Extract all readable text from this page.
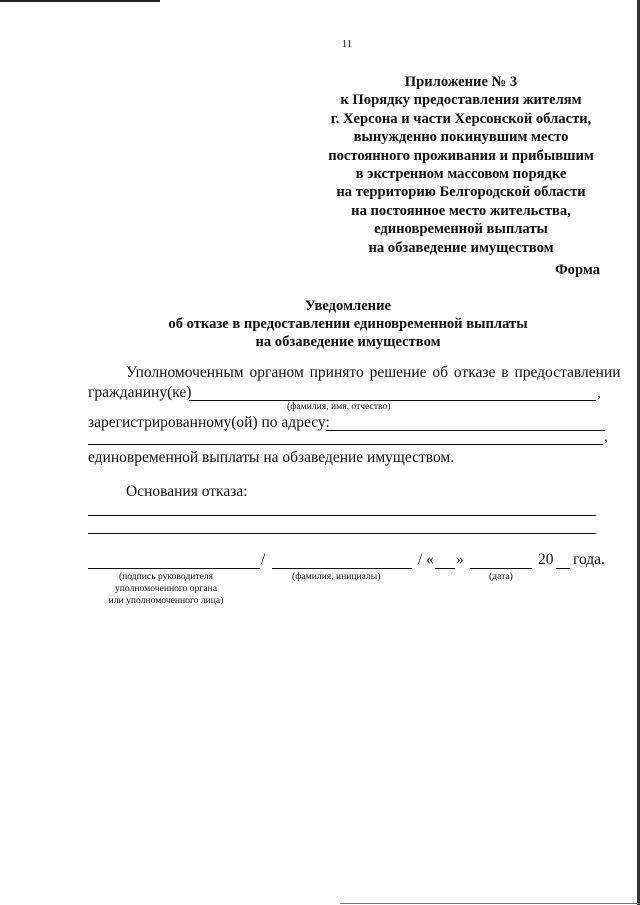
11
Приложение № 3
к Порядку предоставления жителям
г. Херсона и части Херсонской области,
вынужденно покинувшим место
постоянного проживания и прибывшим
в экстренном массовом порядке
на территорию Белгородской области
на постоянное место жительства,
единовременной выплаты
на обзаведение имуществом
Форма
Уведомление
об отказе в предоставлении единовременной выплаты
на обзаведение имуществом
Уполномоченным органом принято решение об отказе в предоставлении
гражданину(ке)	,
(фамилия, имя, отчество)
зарегистрированному(ой) по адресу:
,
единовременной выплаты на обзаведение имуществом.
Основания отказа:
/	/ « »	20 года.
(подпись руководителя
уполномоченного органа
или уполномоченного лица)
(фамилия, инициалы)	(дата)
